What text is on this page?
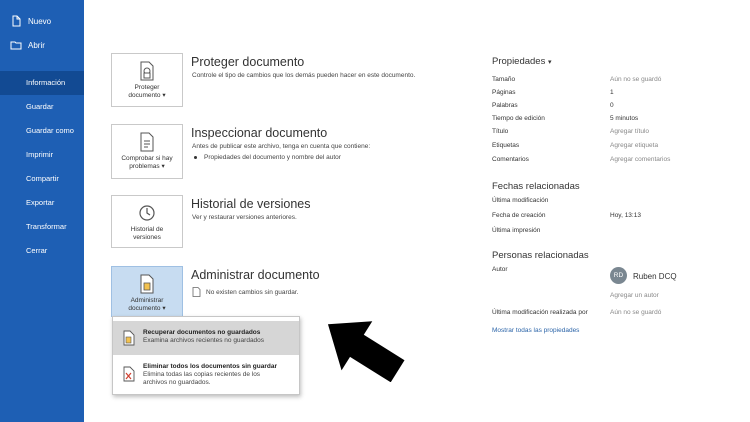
Nuevo
Abrir
Información
Guardar
Guardar como
Imprimir
Compartir
Exportar
Transformar
Cerrar
Proteger
documento ▾
Proteger documento
Controle el tipo de cambios que los demás pueden hacer en este documento.
Comprobar si hay
problemas ▾
Inspeccionar documento
Antes de publicar este archivo, tenga en cuenta que contiene:
Propiedades del documento y nombre del autor
Historial de
versiones
Historial de versiones
Ver y restaurar versiones anteriores.
Administrar
documento ▾
Administrar documento
No existen cambios sin guardar.
Recuperar documentos no guardados
Examina archivos recientes no guardados
Eliminar todos los documentos sin guardar
Elimina todas las copias recientes de los
archivos no guardados.
Propiedades ▾
Tamaño	Aún no se guardó
Páginas	1
Palabras	0
Tiempo de edición	5 minutos
Título	Agregar título
Etiquetas	Agregar etiqueta
Comentarios	Agregar comentarios
Fechas relacionadas
Última modificación
Fecha de creación	Hoy, 13:13
Última impresión
Personas relacionadas
Autor
RD	Ruben DCQ
Agregar un autor
Última modificación realizada por	Aún no se guardó
Mostrar todas las propiedades
